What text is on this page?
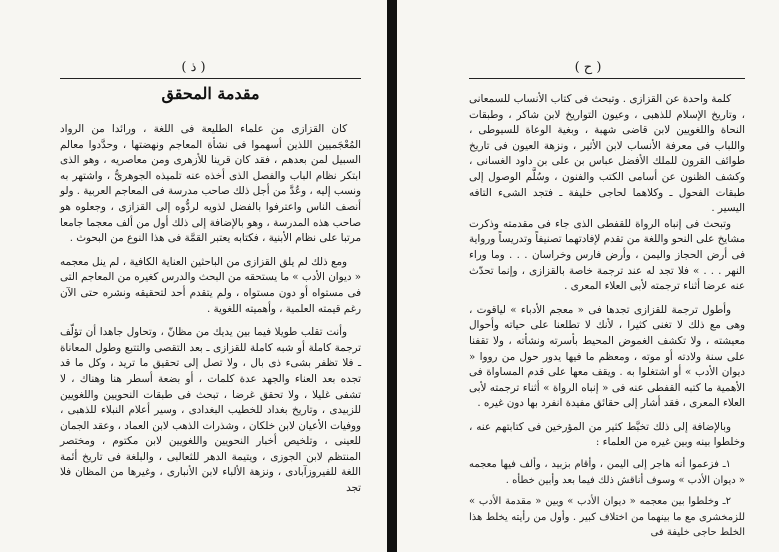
( ذ )
مقدمة المحقق

كان القزازى من علماء الطليعة فى اللغة ، ورائدا من الرواد المُعْجَميين اللذين أسهموا فى نشأة المعاجم ونهضتها ، وحدَّدوا معالم السبيل لمن بعدهم ، فقد كان قرينا للأزهرى ومن معاصريه ، وهو الذى ابتكر نظام الباب والفصل الذى أخذه عنه تلميذه الجوهرىُّ ، واشتهر به ونسب إليه ، وعُدَّ من أجل ذلك صاحب مدرسة فى المعاجم العربية . ولو أنصف الناس واعترفوا بالفضل لذويه لردُّوه إلى القزازى ، وجعلوه هو صاحب هذه المدرسة ، وهو بالإضافة إلى ذلك أول من ألف معجما جامعا مرتبا على نظام الأبنية ، فكتابه يعتبر القمَّة فى هذا النوع من البحوث .

ومع ذلك لم يلق القزازى من الباحثين العناية الكافية ، لم ينل معجمه « ديوان الأدب » ما يستحقه من البحث والدرس كغيره من المعاجم التى فى مستواه أو دون مستواه ، ولم يتقدم أحد لتحقيقه ونشره حتى الآن رغم قيمته العلمية ، وأهميته اللغوية .

وأنت تقلب طويلا فيما بين يديك من مظانّ ، وتحاول جاهدا أن تؤلّف ترجمة كاملة أو شبه كاملة للقزازى ـ بعد التقصى والتتبع وطول المعاناة ـ فلا تظفر بشىء ذى بال ، ولا تصل إلى تحقيق ما تريد ، وكل ما قد تجده بعد العناء والجهد عدة كلمات ، أو بضعة أسطر هنا وهناك ، لا تشفى غليلا ، ولا تحقق غرضا ، تبحث فى طبقات النحويين واللغويين للزبيدى ، وتاريخ بغداد للخطيب البغدادى ، وسير أعلام النبلاء للذهبى ، ووفيات الأعيان لابن خلكان ، وشذرات الذهب لابن العماد ، وعقد الجمان للعينى ، وتلخيص أخبار النحويين واللغويين لابن مكتوم ، ومختصر المنتظم لابن الجوزى ، ويتيمة الدهر للثعالبى ، والبلغة فى تاريخ أئمة اللغة للفيروزآبادى ، ونزهة الألباء لابن الأنبارى ، وغيرها من المظان فلا تجد

( ح )

كلمة واحدة عن القزازى . وتبحث فى كتاب الأنساب للسمعانى ، وتاريخ الإسلام للذهبى ، وعيون التواريخ لابن شاكر ، وطبقات النحاة واللغويين لابن قاضى شهبة ، وبغية الوعاة للسيوطى ، واللباب فى معرفة الأنساب لابن الأثير ، ونزهة العيون فى تاريخ طوائف القرون للملك الأفضل عباس بن على بن داود الغسانى ، وكشف الظنون عن أسامى الكتب والفنون ، وسُلَّم الوصول إلى طبقات الفحول ـ وكلاهما لحاجى خليفة ـ فتجد الشىء التافه اليسير .

وتبحث فى إنباه الرواة للقفطى الذى جاء فى مقدمته وذكرت مشايخ على النحو واللغة من تقدم لإفادتهما تصنيفاً وتدريساً ورواية فى أرض الحجاز واليمن ، وأرض فارس وخراسان . . . وما وراء النهر . . . » فلا تجد له عند ترجمة خاصة بالقزازى ، وإنما تحدّث عنه عرضا أثناء ترجمته لأبى العلاء المعرى .

وأطول ترجمة للقزازى تجدها فى « معجم الأدباء » لياقوت ، وهى مع ذلك لا تغنى كثيرا ، لأنك لا تطلعنا على حياته وأحوال معيشته ، ولا تكشف الغموض المحيط بأسرته ونشأته ، ولا تقفنا على سنة ولادته أو موته ، ومعظم ما فيها يدور حول من رووا « ديوان الأدب » أو اشتغلوا به . ويقف معها على قدم المساواة فى الأهمية ما كتبه القفطى عنه فى « إنباه الرواة » أثناء ترجمته لأبى العلاء المعرى ، فقد أشار إلى حقائق مفيدة انفرد بها دون غيره .

وبالإضافة إلى ذلك تخبَّط كثير من المؤرخين فى كتابتهم عنه ، وخلطوا بينه وبين غيره من العلماء :

١ـ فزعموا أنه هاجر إلى اليمن ، وأقام بزبيد ، وألف فيها معجمه « ديوان الأدب » وسوف أناقش ذلك فيما بعد وأبين خطأه .

٢ـ وخلطوا بين معجمه « ديوان الأدب » وبين « مقدمة الأدب » للزمخشرى مع ما بينهما من اختلاف كبير . وأول من رأيته يخلط هذا الخلط حاجى خليفة فى
